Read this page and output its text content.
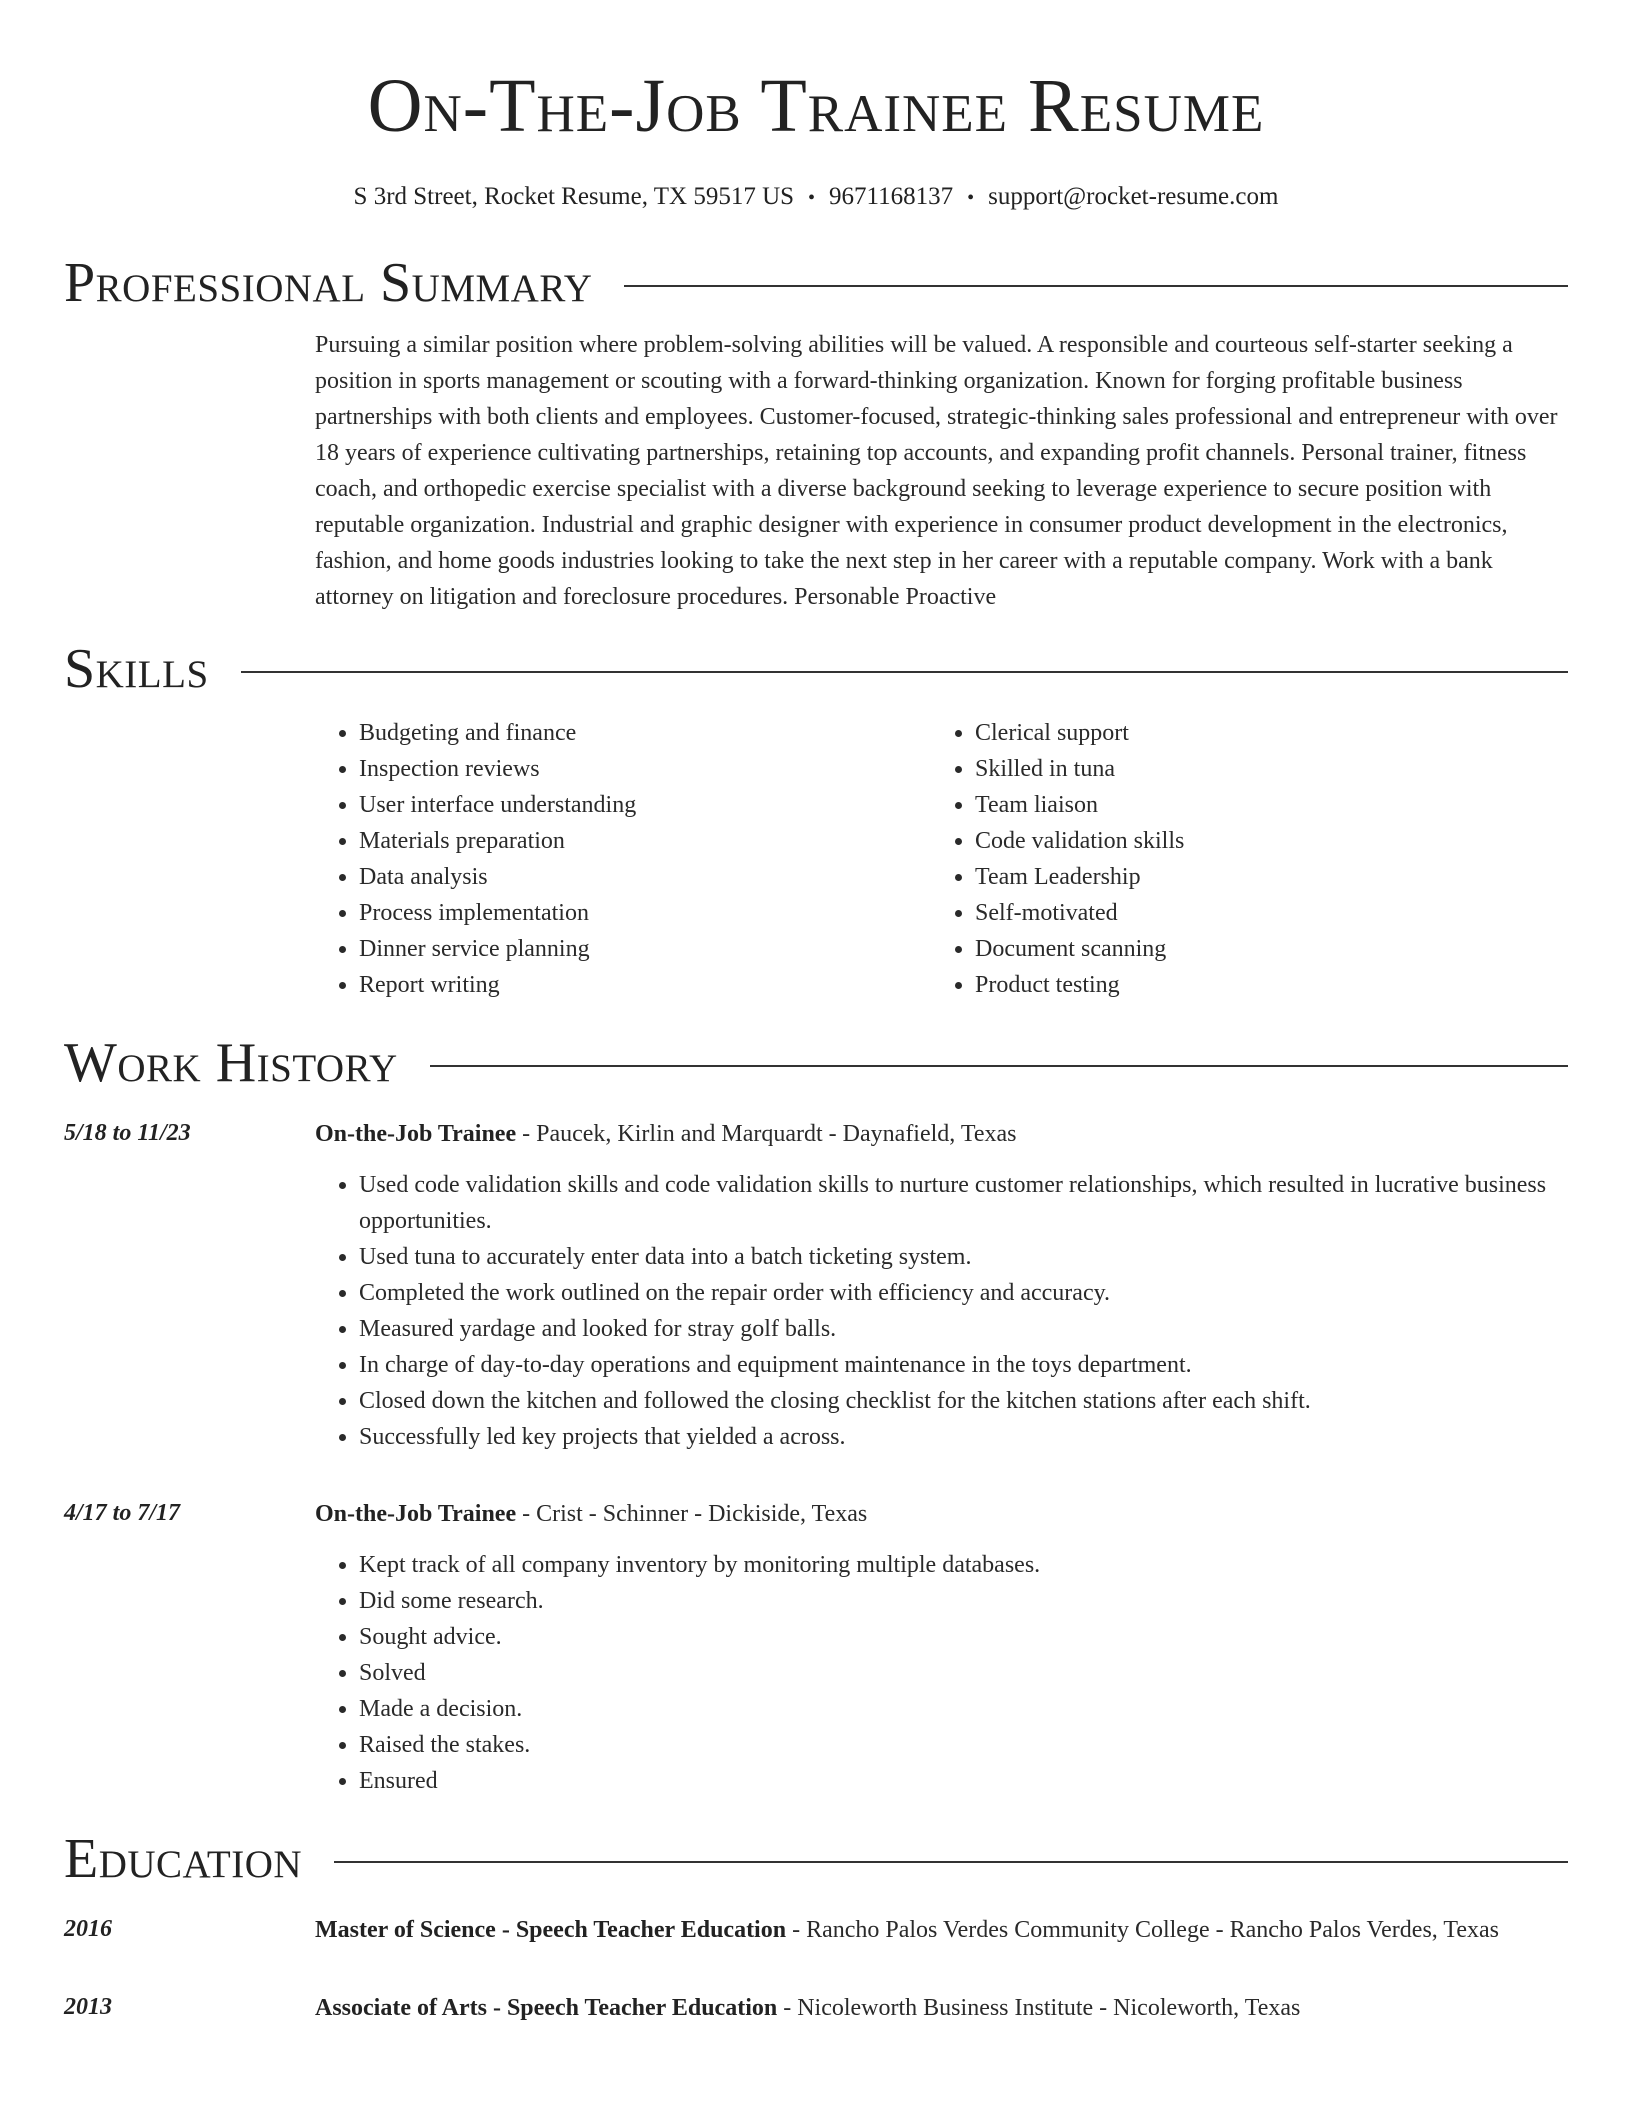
On-The-Job Trainee Resume
S 3rd Street, Rocket Resume, TX 59517 US • 9671168137 • support@rocket-resume.com
Professional Summary
Pursuing a similar position where problem-solving abilities will be valued. A responsible and courteous self-starter seeking a position in sports management or scouting with a forward-thinking organization. Known for forging profitable business partnerships with both clients and employees. Customer-focused, strategic-thinking sales professional and entrepreneur with over 18 years of experience cultivating partnerships, retaining top accounts, and expanding profit channels. Personal trainer, fitness coach, and orthopedic exercise specialist with a diverse background seeking to leverage experience to secure position with reputable organization. Industrial and graphic designer with experience in consumer product development in the electronics, fashion, and home goods industries looking to take the next step in her career with a reputable company. Work with a bank attorney on litigation and foreclosure procedures. Personable Proactive
Skills
• Budgeting and finance
• Inspection reviews
• User interface understanding
• Materials preparation
• Data analysis
• Process implementation
• Dinner service planning
• Report writing
• Clerical support
• Skilled in tuna
• Team liaison
• Code validation skills
• Team Leadership
• Self-motivated
• Document scanning
• Product testing
Work History
5/18 to 11/23	On-the-Job Trainee - Paucek, Kirlin and Marquardt - Daynafield, Texas
• Used code validation skills and code validation skills to nurture customer relationships, which resulted in lucrative business opportunities.
• Used tuna to accurately enter data into a batch ticketing system.
• Completed the work outlined on the repair order with efficiency and accuracy.
• Measured yardage and looked for stray golf balls.
• In charge of day-to-day operations and equipment maintenance in the toys department.
• Closed down the kitchen and followed the closing checklist for the kitchen stations after each shift.
• Successfully led key projects that yielded a across.
4/17 to 7/17	On-the-Job Trainee - Crist - Schinner - Dickiside, Texas
• Kept track of all company inventory by monitoring multiple databases.
• Did some research.
• Sought advice.
• Solved
• Made a decision.
• Raised the stakes.
• Ensured
Education
2016	Master of Science - Speech Teacher Education - Rancho Palos Verdes Community College - Rancho Palos Verdes, Texas
2013	Associate of Arts - Speech Teacher Education - Nicoleworth Business Institute - Nicoleworth, Texas
